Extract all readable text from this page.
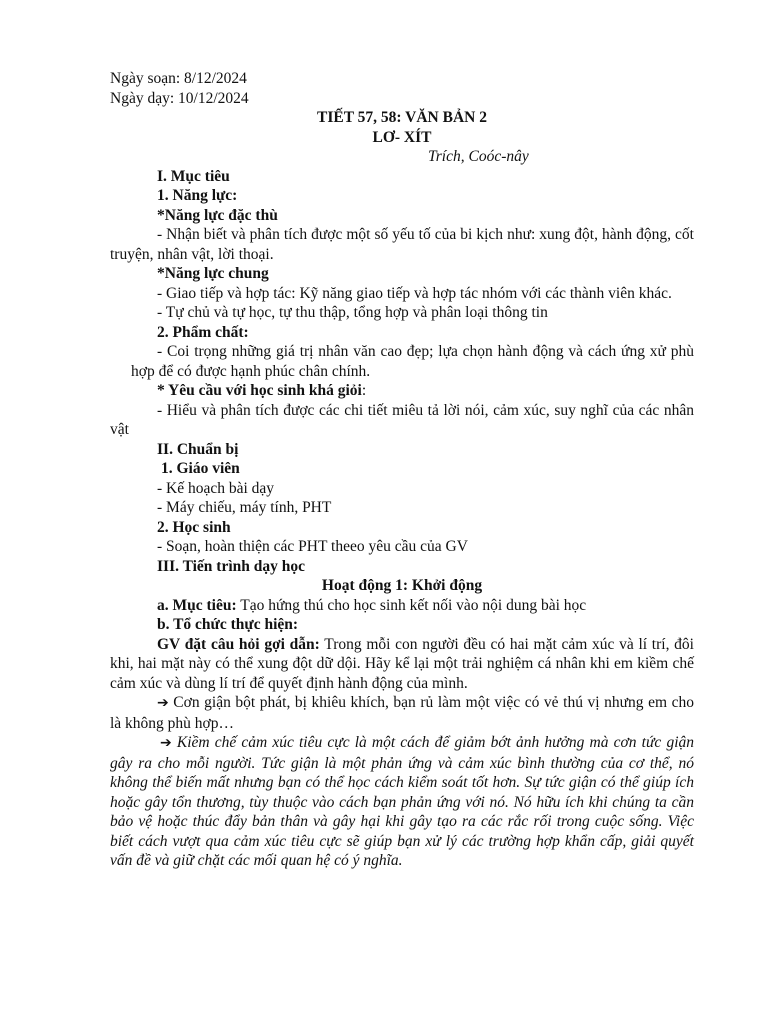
Ngày soạn: 8/12/2024

Ngày dạy: 10/12/2024

TIẾT 57, 58: VĂN BẢN 2

LƠ- XÍT

Trích, Coóc-nây

I. Mục tiêu

1. Năng lực:

*Năng lực đặc thù

- Nhận biết và phân tích được một số yếu tố của bi kịch như: xung đột, hành động, cốt truyện, nhân vật, lời thoại.

*Năng lực chung

- Giao tiếp và hợp tác: Kỹ năng giao tiếp và hợp tác nhóm với các thành viên khác.

- Tự chủ và tự học, tự thu thập, tổng hợp và phân loại thông tin

2. Phẩm chất:

- Coi trọng những giá trị nhân văn cao đẹp; lựa chọn hành động và cách ứng xử phù hợp để có được hạnh phúc chân chính.

* Yêu cầu với học sinh khá giỏi:

- Hiểu và phân tích được các chi tiết miêu tả lời nói, cảm xúc, suy nghĩ của các nhân vật

II. Chuẩn bị

1. Giáo viên

- Kế hoạch bài dạy

- Máy chiếu, máy tính, PHT

2. Học sinh

- Soạn, hoàn thiện các PHT theeo yêu cầu của GV

III. Tiến trình dạy học

Hoạt động 1: Khởi động

a. Mục tiêu: Tạo hứng thú cho học sinh kết nối vào nội dung bài học

b. Tổ chức thực hiện:

GV đặt câu hỏi gợi dẫn: Trong mỗi con người đều có hai mặt cảm xúc và lí trí, đôi khi, hai mặt này có thể xung đột dữ dội. Hãy kể lại một trải nghiệm cá nhân khi em kiềm chế cảm xúc và dùng lí trí để quyết định hành động của mình.

➔ Cơn giận bột phát, bị khiêu khích, bạn rủ làm một việc có vẻ thú vị nhưng em cho là không phù hợp…

➔ Kiềm chế cảm xúc tiêu cực là một cách để giảm bớt ảnh hưởng mà cơn tức giận gây ra cho mỗi người. Tức giận là một phản ứng và cảm xúc bình thường của cơ thể, nó không thể biến mất nhưng bạn có thể học cách kiểm soát tốt hơn. Sự tức giận có thể giúp ích hoặc gây tổn thương, tùy thuộc vào cách bạn phản ứng với nó. Nó hữu ích khi chúng ta cần bảo vệ hoặc thúc đẩy bản thân và gây hại khi gây tạo ra các rắc rối trong cuộc sống. Việc biết cách vượt qua cảm xúc tiêu cực sẽ giúp bạn xử lý các trường hợp khẩn cấp, giải quyết vấn đề và giữ chặt các mối quan hệ có ý nghĩa.
